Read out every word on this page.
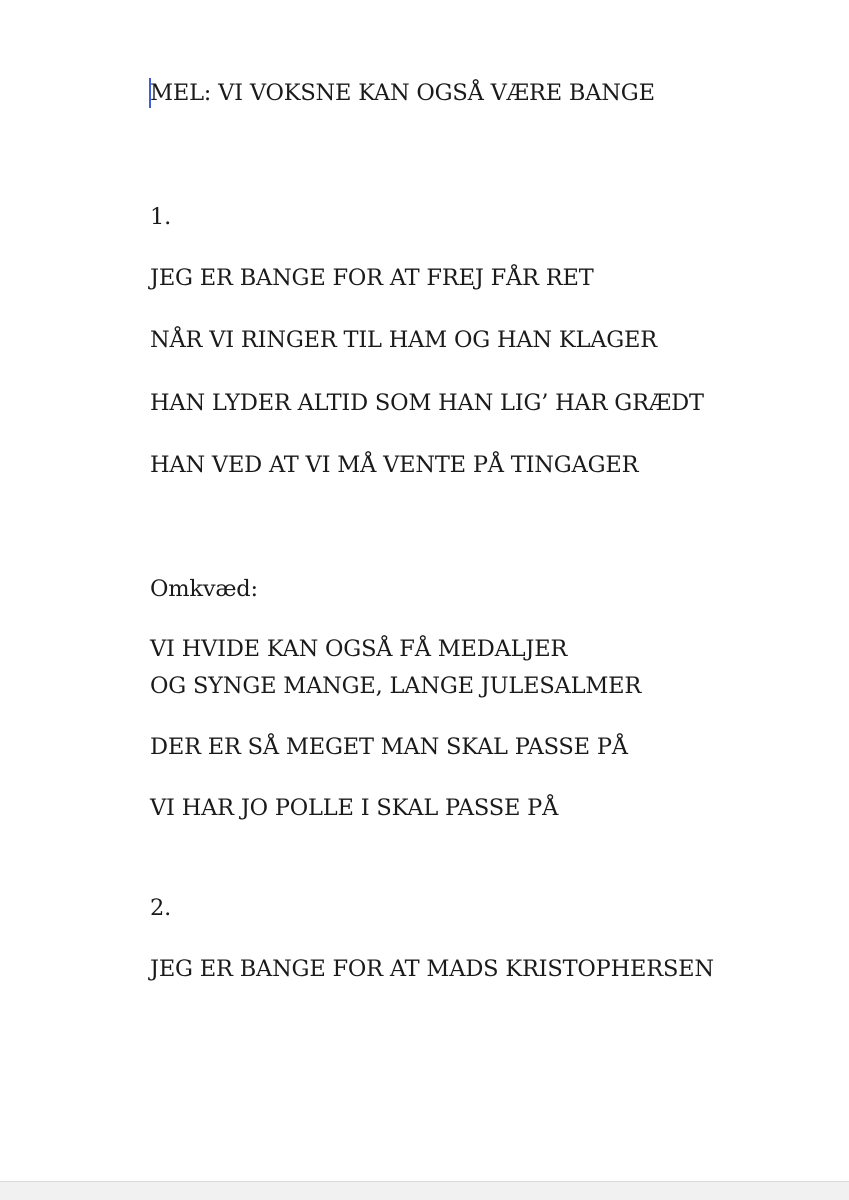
MEL: VI VOKSNE KAN OGSÅ VÆRE BANGE
1.
JEG ER BANGE FOR AT FREJ FÅR RET
NÅR VI RINGER TIL HAM OG HAN KLAGER
HAN LYDER ALTID SOM HAN LIG’ HAR GRÆDT
HAN VED AT VI MÅ VENTE PÅ TINGAGER
Omkvæd:
VI HVIDE KAN OGSÅ FÅ MEDALJER
OG SYNGE MANGE, LANGE JULESALMER
DER ER SÅ MEGET MAN SKAL PASSE PÅ
VI HAR JO POLLE I SKAL PASSE PÅ
2.
JEG ER BANGE FOR AT MADS KRISTOPHERSEN
